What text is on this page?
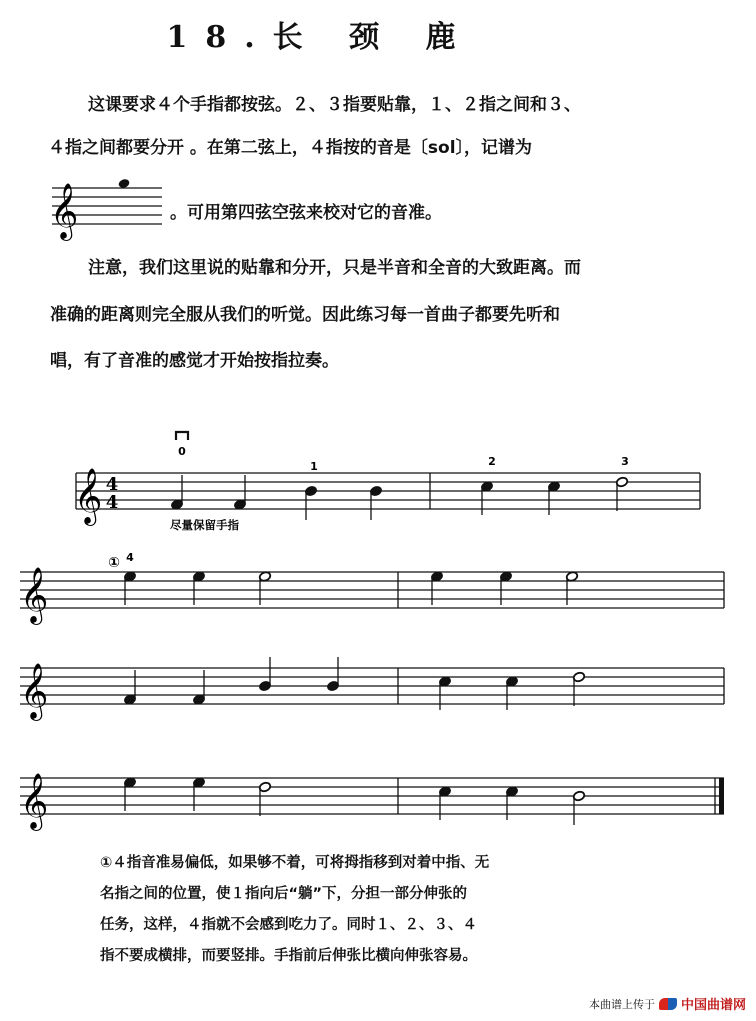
18.长 颈 鹿
这课要求４个手指都按弦。２、３指要贴靠，１、２指之间和３、
４指之间都要分开 。在第二弦上，４指按的音是〔sol〕，记谱为
𝄞	。可用第四弦空弦来校对它的音准。
注意，我们这里说的贴靠和分开，只是半音和全音的大致距离。而
准确的距离则完全服从我们的听觉。因此练习每一首曲子都要先听和
唱，有了音准的感觉才开始按指拉奏。
𝄞 4
4
0
1	2	3
尽量保留手指
𝄞
① 4
𝄞
𝄞
①４指音准易偏低，如果够不着，可将拇指移到对着中指、无
名指之间的位置，使１指向后“躺”下，分担一部分伸张的
任务，这样，４指就不会感到吃力了。同时１、２、３、４
指不要成横排，而要竖排。手指前后伸张比横向伸张容易。
本曲谱上传于 中国曲谱网
